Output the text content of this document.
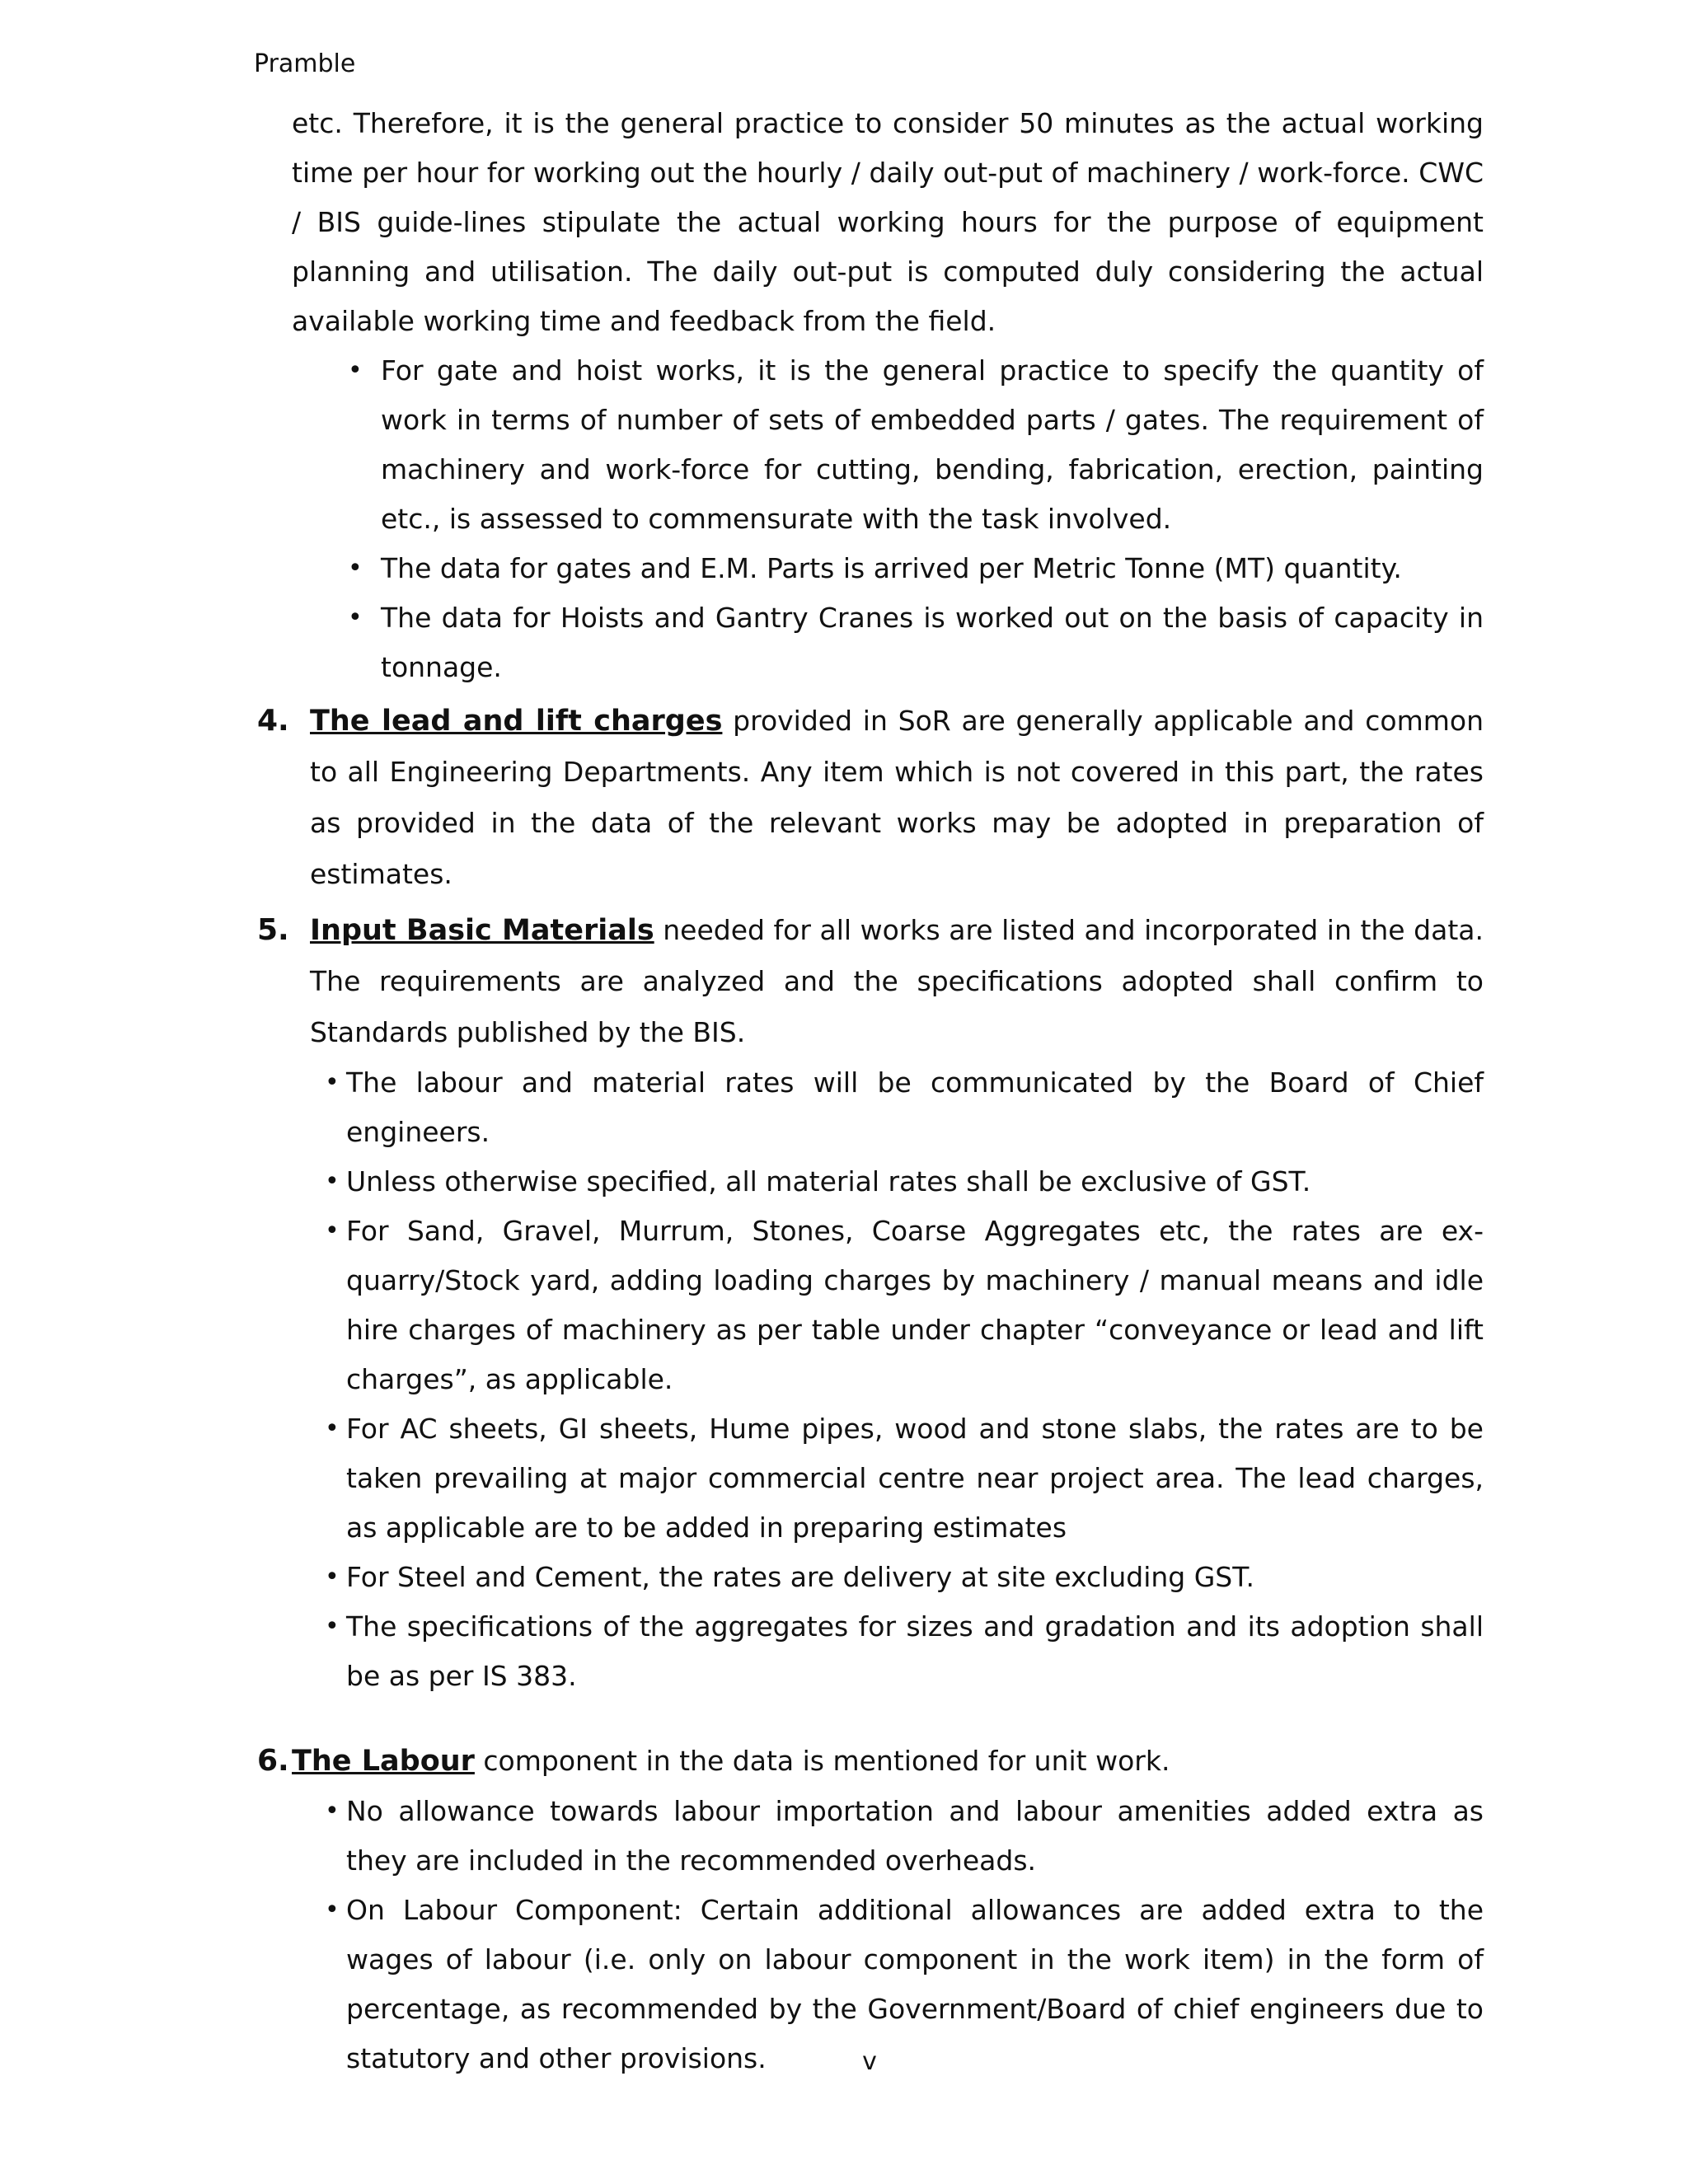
Pramble

etc. Therefore, it is the general practice to consider 50 minutes as the actual working time per hour for working out the hourly / daily out-put of machinery / work-force. CWC / BIS guide-lines stipulate the actual working hours for the purpose of equipment planning and utilisation. The daily out-put is computed duly considering the actual available working time and feedback from the field.

• For gate and hoist works, it is the general practice to specify the quantity of work in terms of number of sets of embedded parts / gates. The requirement of machinery and work-force for cutting, bending, fabrication, erection, painting etc., is assessed to commensurate with the task involved.
• The data for gates and E.M. Parts is arrived per Metric Tonne (MT) quantity.
• The data for Hoists and Gantry Cranes is worked out on the basis of capacity in tonnage.
4. The lead and lift charges provided in SoR are generally applicable and common to all Engineering Departments. Any item which is not covered in this part, the rates as provided in the data of the relevant works may be adopted in preparation of estimates.

5. Input Basic Materials needed for all works are listed and incorporated in the data. The requirements are analyzed and the specifications adopted shall confirm to Standards published by the BIS.

• The labour and material rates will be communicated by the Board of Chief engineers.
• Unless otherwise specified, all material rates shall be exclusive of GST.
• For Sand, Gravel, Murrum, Stones, Coarse Aggregates etc, the rates are ex-quarry/Stock yard, adding loading charges by machinery / manual means and idle hire charges of machinery as per table under chapter “conveyance or lead and lift charges”, as applicable.
• For AC sheets, GI sheets, Hume pipes, wood and stone slabs, the rates are to be taken prevailing at major commercial centre near project area. The lead charges, as applicable are to be added in preparing estimates
• For Steel and Cement, the rates are delivery at site excluding GST.
• The specifications of the aggregates for sizes and gradation and its adoption shall be as per IS 383.
6. The Labour component in the data is mentioned for unit work.

• No allowance towards labour importation and labour amenities added extra as they are included in the recommended overheads.
• On Labour Component: Certain additional allowances are added extra to the wages of labour (i.e. only on labour component in the work item) in the form of percentage, as recommended by the Government/Board of chief engineers due to statutory and other provisions.	v
